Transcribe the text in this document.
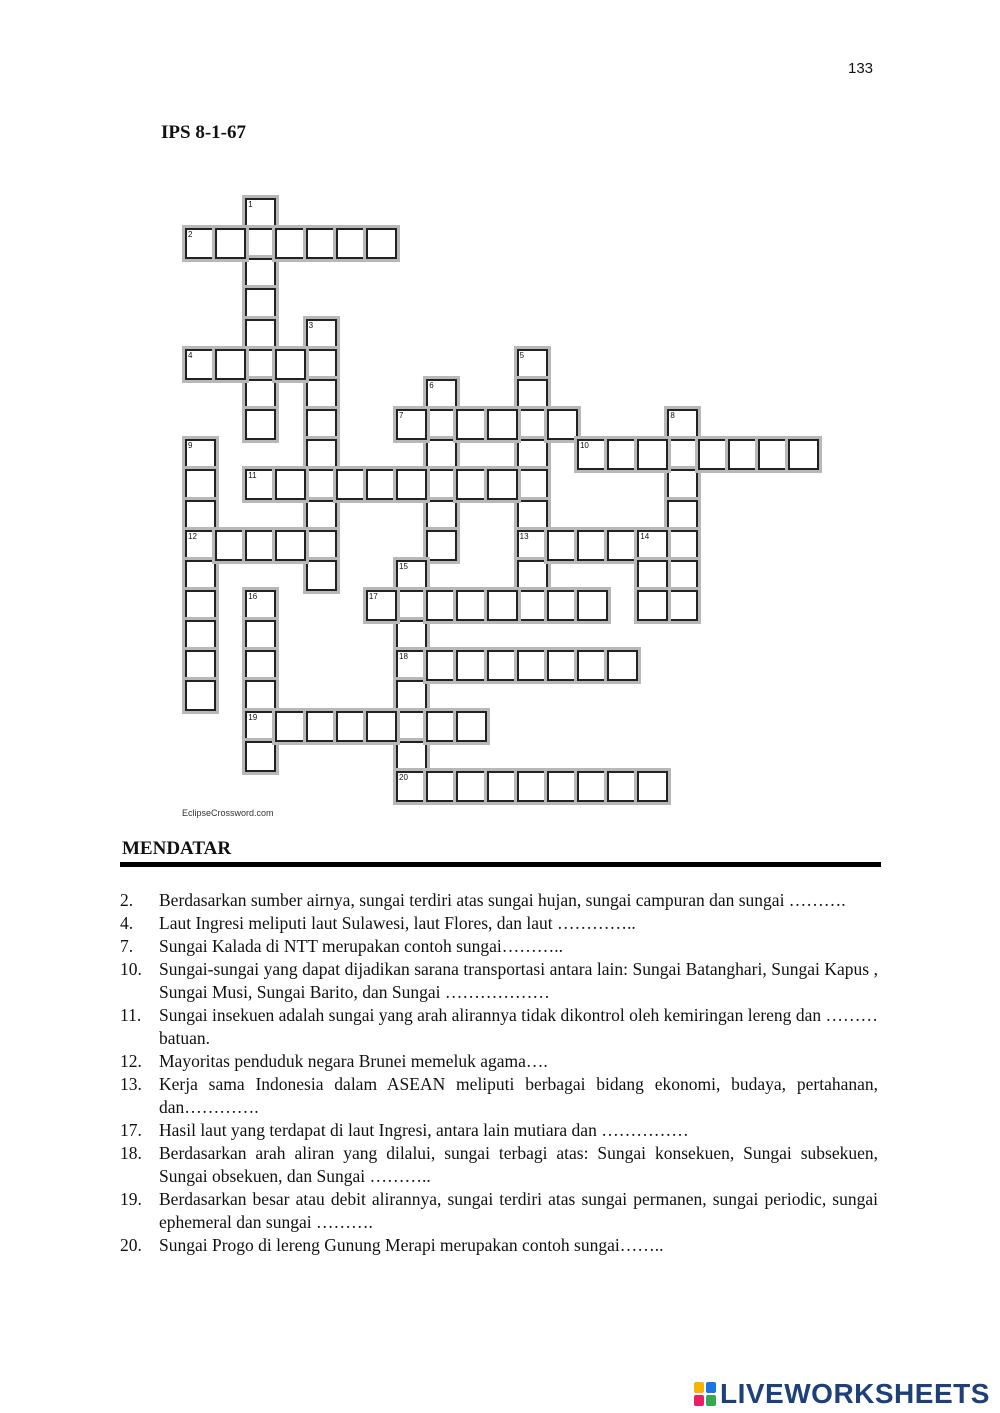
133
IPS 8-1-67
1
2
3
4	5
13
6
7	8
9
12
10
11
14
15
18
20
16
19
17
EclipseCrossword.com
MENDATAR
2. Berdasarkan sumber airnya, sungai terdiri atas sungai hujan, sungai campuran dan sungai ……….
4. Laut Ingresi meliputi laut Sulawesi, laut Flores, dan laut …………..
7. Sungai Kalada di NTT merupakan contoh sungai………..
10. Sungai-sungai yang dapat dijadikan sarana transportasi antara lain: Sungai Batanghari, Sungai Kapus , Sungai Musi, Sungai Barito, dan Sungai ………………
11. Sungai insekuen adalah sungai yang arah alirannya tidak dikontrol oleh kemiringan lereng dan ……… batuan.
12. Mayoritas penduduk negara Brunei memeluk agama….
13. Kerja sama Indonesia dalam ASEAN meliputi berbagai bidang ekonomi, budaya, pertahanan, dan………….
17. Hasil laut yang terdapat di laut Ingresi, antara lain mutiara dan ……………
18. Berdasarkan arah aliran yang dilalui, sungai terbagi atas: Sungai konsekuen, Sungai subsekuen, Sungai obsekuen, dan Sungai ………..
19. Berdasarkan besar atau debit alirannya, sungai terdiri atas sungai permanen, sungai periodic, sungai ephemeral dan sungai ……….
20. Sungai Progo di lereng Gunung Merapi merupakan contoh sungai……..
LIVEWORKSHEETS
